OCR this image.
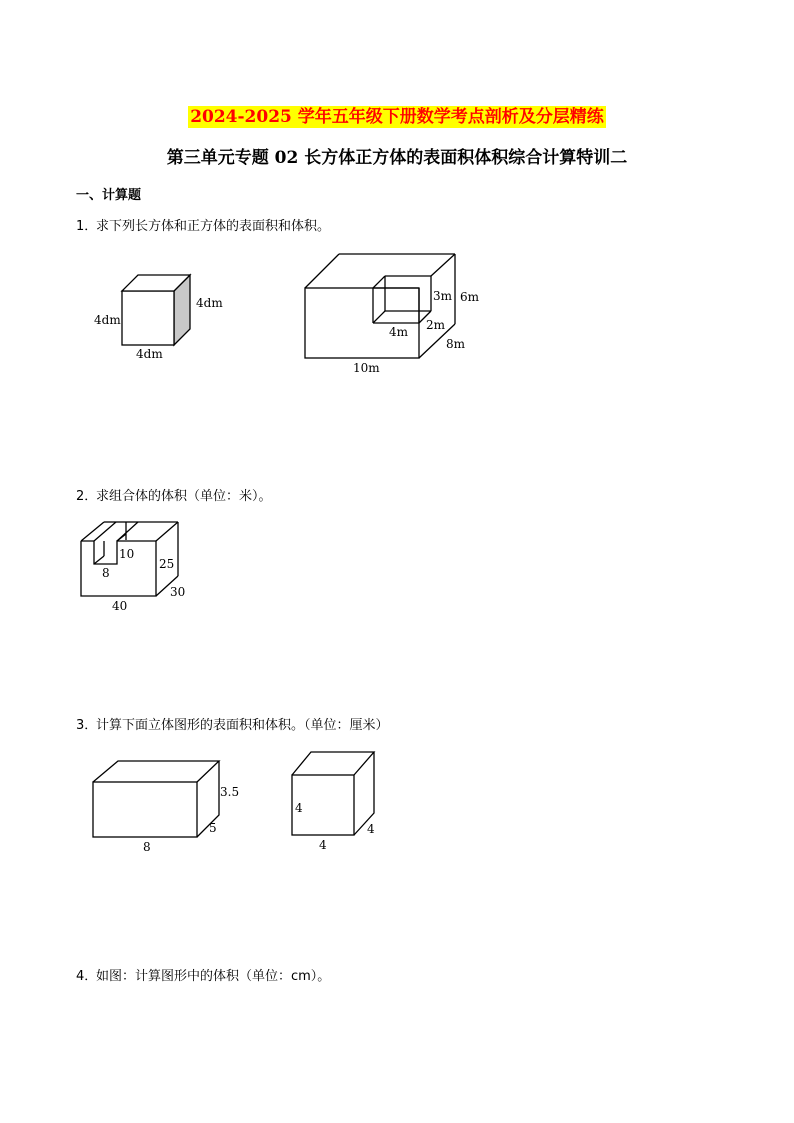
2024-2025 学年五年级下册数学考点剖析及分层精练
第三单元专题 02 长方体正方体的表面积体积综合计算特训二
一、计算题
1．求下列长方体和正方体的表面积和体积。
4dm
4dm
4dm	3m 6m
2m
4m
8m
10m
10
8
25
30
40
3.5
5
8
4
4
4
2．求组合体的体积（单位：米）。
3．计算下面立体图形的表面积和体积。（单位：厘米）
4．如图：计算图形中的体积（单位：cm）。
